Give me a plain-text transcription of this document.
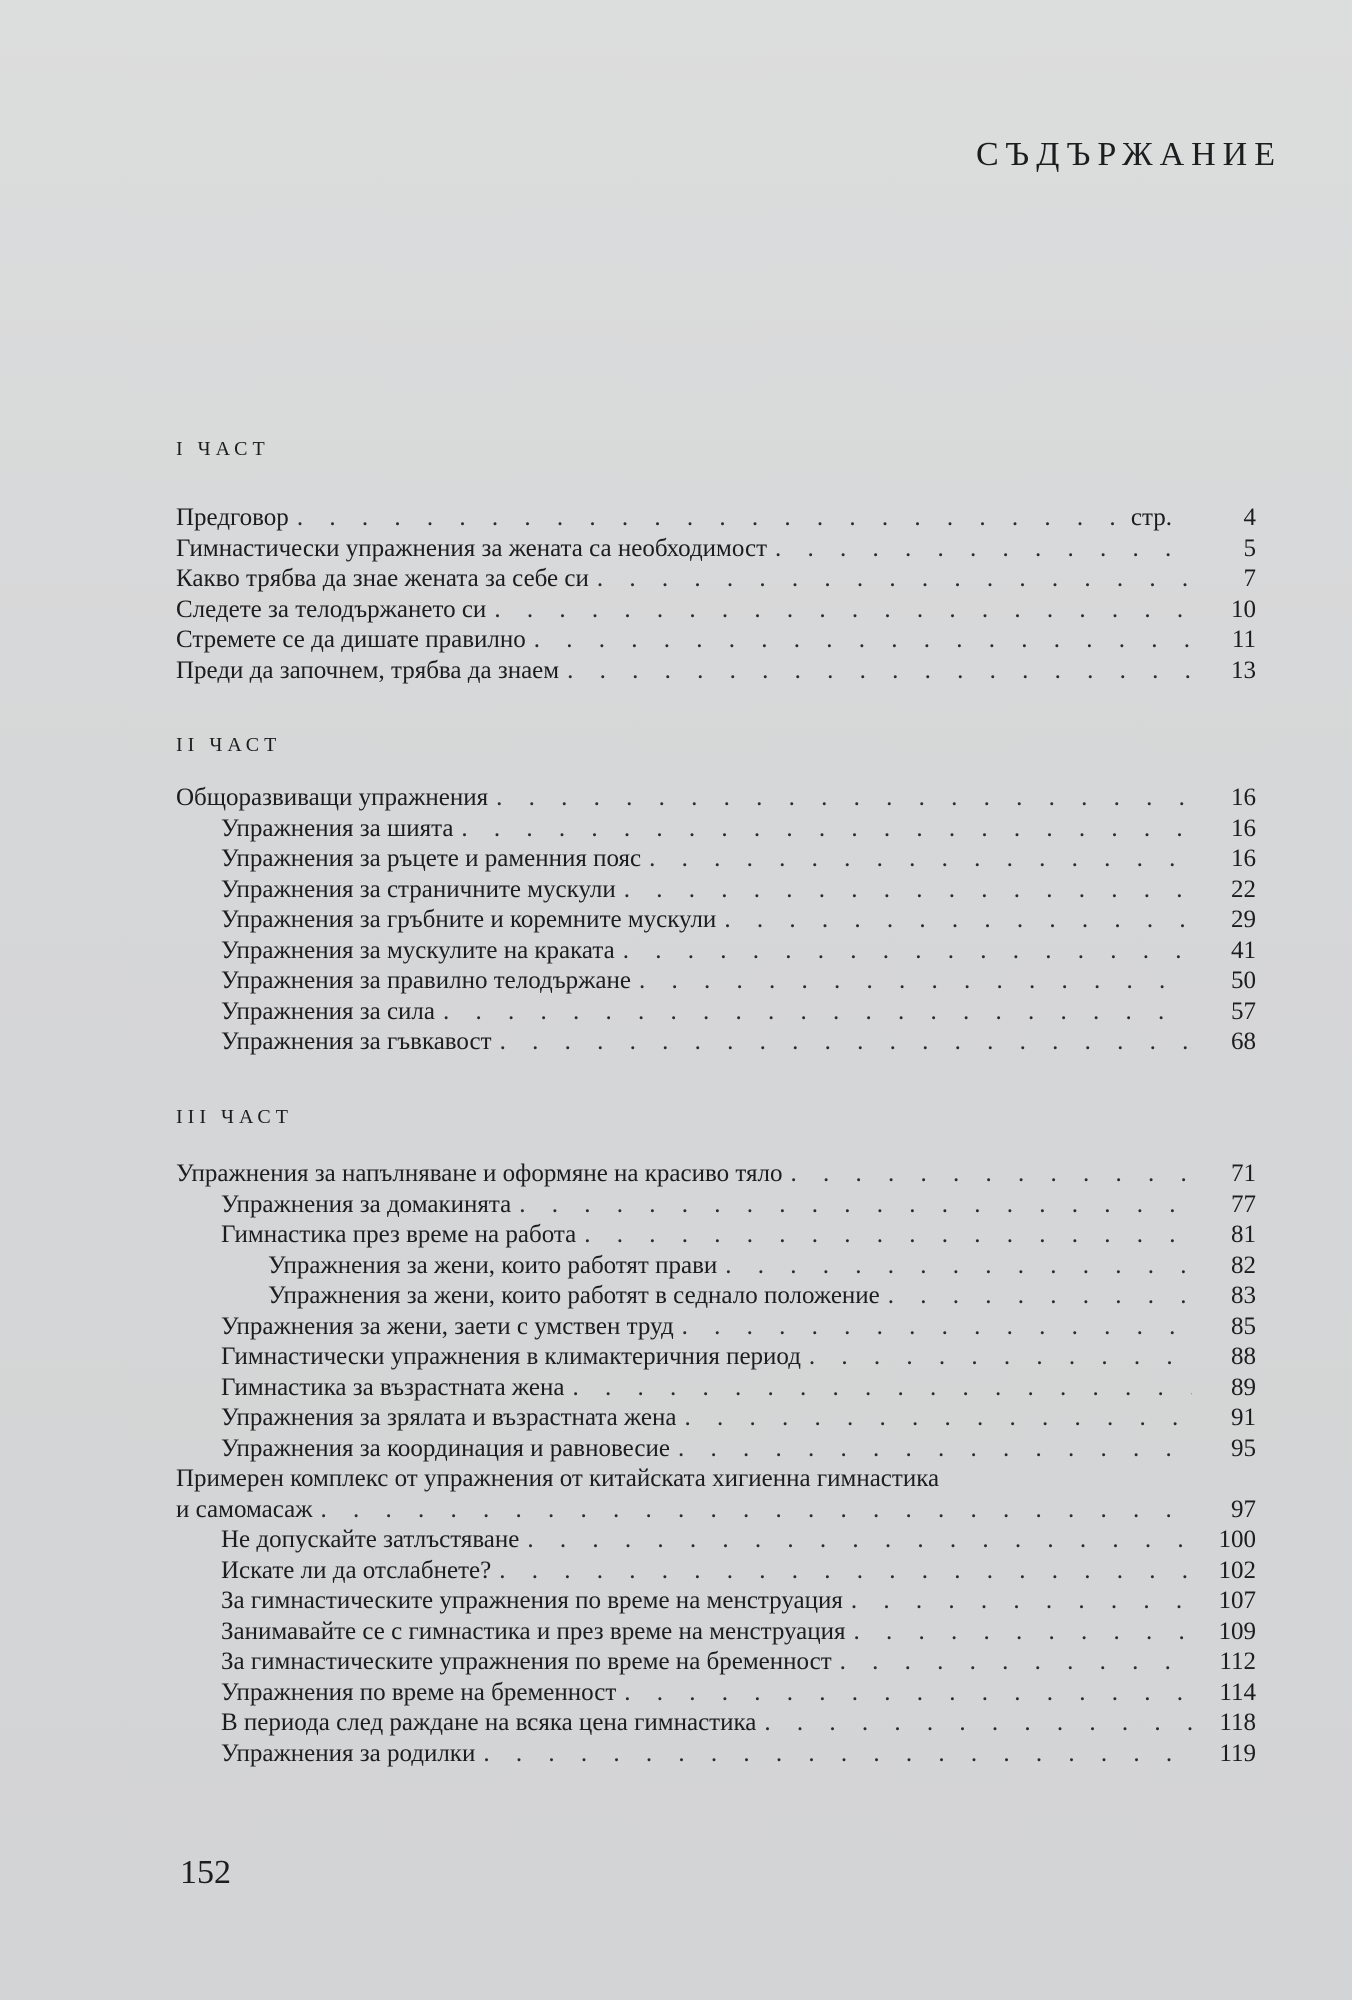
СЪДЪРЖАНИЕ
I ЧАСТ
Предговор . . .	стр.	4
Гимнастически упражнения за жената са необходимост . . .	5
Какво трябва да знае жената за себе си . . .	7
Следете за телодържането си . . .	10
Стремете се да дишате правилно . . .	11
Преди да започнем, трябва да знаем . . .	13
II ЧАСТ
Общоразвиващи упражнения . . .	16
Упражнения за шията . . .	16
Упражнения за ръцете и раменния пояс . . .	16
Упражнения за страничните мускули . . .	22
Упражнения за гръбните и коремните мускули . . .	29
Упражнения за мускулите на краката . . .	41
Упражнения за правилно телодържане . . .	50
Упражнения за сила . . .	57
Упражнения за гъвкавост . . .	68
III ЧАСТ
Упражнения за напълняване и оформяне на красиво тяло . . .	71
Упражнения за домакинята . . .	77
Гимнастика през време на работа . . .	81
Упражнения за жени, които работят прави . . .	82
Упражнения за жени, които работят в седнало положение . . .	83
Упражнения за жени, заети с умствен труд . . .	85
Гимнастически упражнения в климактеричния период . . .	88
Гимнастика за възрастната жена . . .	89
Упражнения за зрялата и възрастната жена . . .	91
Упражнения за координация и равновесие . . .	95
Примерен комплекс от упражнения от китайската хигиенна гимнастика
и самомасаж . . .	97
Не допускайте затлъстяване . . .	100
Искате ли да отслабнете? . . .	102
За гимнастическите упражнения по време на менструация . . .	107
Занимавайте се с гимнастика и през време на менструация . . .	109
За гимнастическите упражнения по време на бременност . . .	112
Упражнения по време на бременност . . .	114
В периода след раждане на всяка цена гимнастика . . .	118
Упражнения за родилки . . .	119
152
